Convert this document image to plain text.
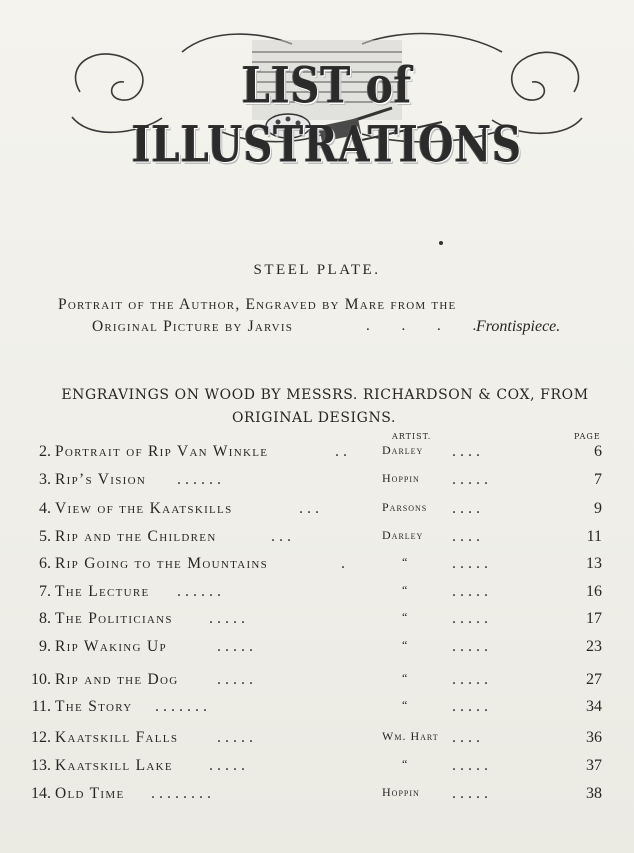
LIST of ILLUSTRATIONS
STEEL PLATE.
Portrait of the Author, Engraved by Mare from the
Original Picture by Jarvis	. . . .
Frontispiece.
ENGRAVINGS ON WOOD BY MESSRS. RICHARDSON & COX, FROM
ORIGINAL DESIGNS.
ARTIST.	PAGE
2. Portrait of Rip Van Winkle	. .	Darley . . . .	6
3. Rip’s Vision . . . . . .	Hoppin . . . . .	7
4. View of the Kaatskills	. . .	Parsons . . . .	9
5. Rip and the Children	. . .	Darley . . . .	11
6. Rip Going to the Mountains	.	“	. . . . .	13
7. The Lecture . . . . . .	“	. . . . .	16
8. The Politicians . . . . .	“	. . . . .	17
9. Rip Waking Up	. . . . .	“	. . . . .	23
10. Rip and the Dog . . . . .	“	. . . . .	27
11. The Story . . . . . . .	“	. . . . .	34
12. Kaatskill Falls . . . . .	Wm. Hart . . . .	36
13. Kaatskill Lake . . . . .	“	. . . . .	37
14. Old Time . . . . . . . .	Hoppin . . . . .	38
